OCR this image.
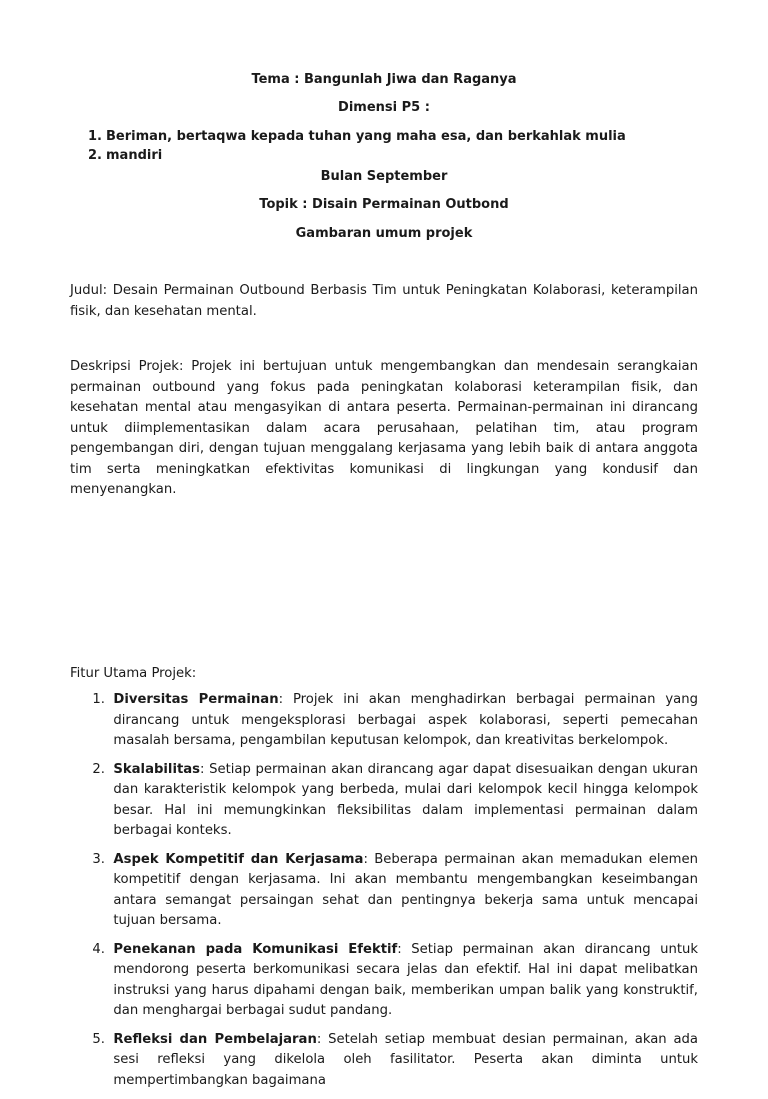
Tema : Bangunlah Jiwa dan Raganya
Dimensi P5 :
1. Beriman, bertaqwa kepada tuhan yang maha esa, dan berkahlak mulia
2. mandiri
Bulan September
Topik : Disain Permainan Outbond
Gambaran umum projek

Judul: Desain Permainan Outbound Berbasis Tim untuk Peningkatan Kolaborasi, keterampilan fisik, dan kesehatan mental.

Deskripsi Projek: Projek ini bertujuan untuk mengembangkan dan mendesain serangkaian permainan outbound yang fokus pada peningkatan kolaborasi keterampilan fisik, dan kesehatan mental atau mengasyikan di antara peserta. Permainan-permainan ini dirancang untuk diimplementasikan dalam acara perusahaan, pelatihan tim, atau program pengembangan diri, dengan tujuan menggalang kerjasama yang lebih baik di antara anggota tim serta meningkatkan efektivitas komunikasi di lingkungan yang kondusif dan menyenangkan.

Fitur Utama Projek:

1.
Diversitas Permainan: Projek ini akan menghadirkan berbagai permainan yang dirancang untuk mengeksplorasi berbagai aspek kolaborasi, seperti pemecahan masalah bersama, pengambilan keputusan kelompok, dan kreativitas berkelompok.
2.
Skalabilitas: Setiap permainan akan dirancang agar dapat disesuaikan dengan ukuran dan karakteristik kelompok yang berbeda, mulai dari kelompok kecil hingga kelompok besar. Hal ini memungkinkan fleksibilitas dalam implementasi permainan dalam berbagai konteks.
3.
Aspek Kompetitif dan Kerjasama: Beberapa permainan akan memadukan elemen kompetitif dengan kerjasama. Ini akan membantu mengembangkan keseimbangan antara semangat persaingan sehat dan pentingnya bekerja sama untuk mencapai tujuan bersama.
4.
Penekanan pada Komunikasi Efektif: Setiap permainan akan dirancang untuk mendorong peserta berkomunikasi secara jelas dan efektif. Hal ini dapat melibatkan instruksi yang harus dipahami dengan baik, memberikan umpan balik yang konstruktif, dan menghargai berbagai sudut pandang.
5.
Refleksi dan Pembelajaran: Setelah setiap membuat desian permainan, akan ada sesi refleksi yang dikelola oleh fasilitator. Peserta akan diminta untuk mempertimbangkan bagaimana
